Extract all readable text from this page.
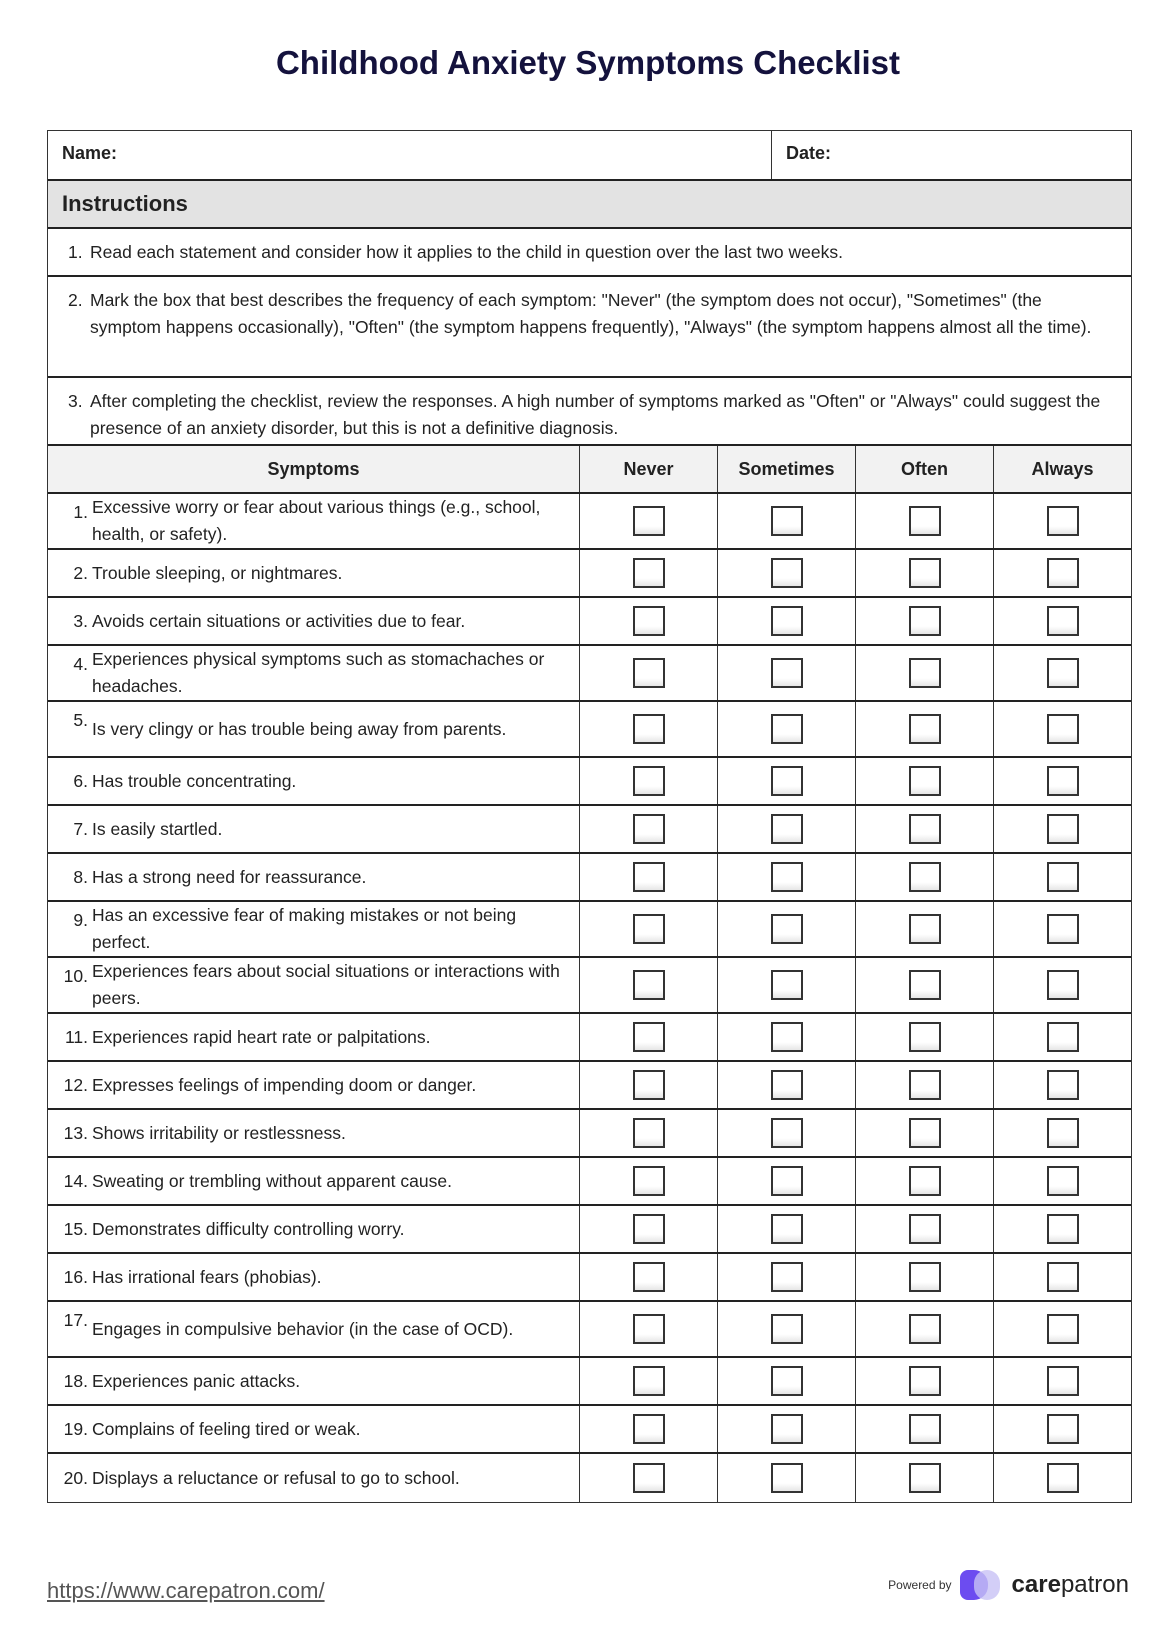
Childhood Anxiety Symptoms Checklist
Name:	Date:
Instructions
1. Read each statement and consider how it applies to the child in question over the last two weeks.
2. Mark the box that best describes the frequency of each symptom: "Never" (the symptom does not occur), "Sometimes" (the symptom happens occasionally), "Often" (the symptom happens frequently), "Always" (the symptom happens almost all the time).
3. After completing the checklist, review the responses. A high number of symptoms marked as "Often" or "Always" could suggest the presence of an anxiety disorder, but this is not a definitive diagnosis.
Symptoms	Never	Sometimes	Often	Always
1. Excessive worry or fear about various things (e.g., school, health, or safety).
2. Trouble sleeping, or nightmares.
3. Avoids certain situations or activities due to fear.
4. Experiences physical symptoms such as stomachaches or headaches.
5. Is very clingy or has trouble being away from parents.
6. Has trouble concentrating.
7. Is easily startled.
8. Has a strong need for reassurance.
9. Has an excessive fear of making mistakes or not being perfect.
10. Experiences fears about social situations or interactions with peers.
11. Experiences rapid heart rate or palpitations.
12. Expresses feelings of impending doom or danger.
13. Shows irritability or restlessness.
14. Sweating or trembling without apparent cause.
15. Demonstrates difficulty controlling worry.
16. Has irrational fears (phobias).
17. Engages in compulsive behavior (in the case of OCD).
18. Experiences panic attacks.
19. Complains of feeling tired or weak.
20. Displays a reluctance or refusal to go to school.
https://www.carepatron.com/	Powered by	carepatron
